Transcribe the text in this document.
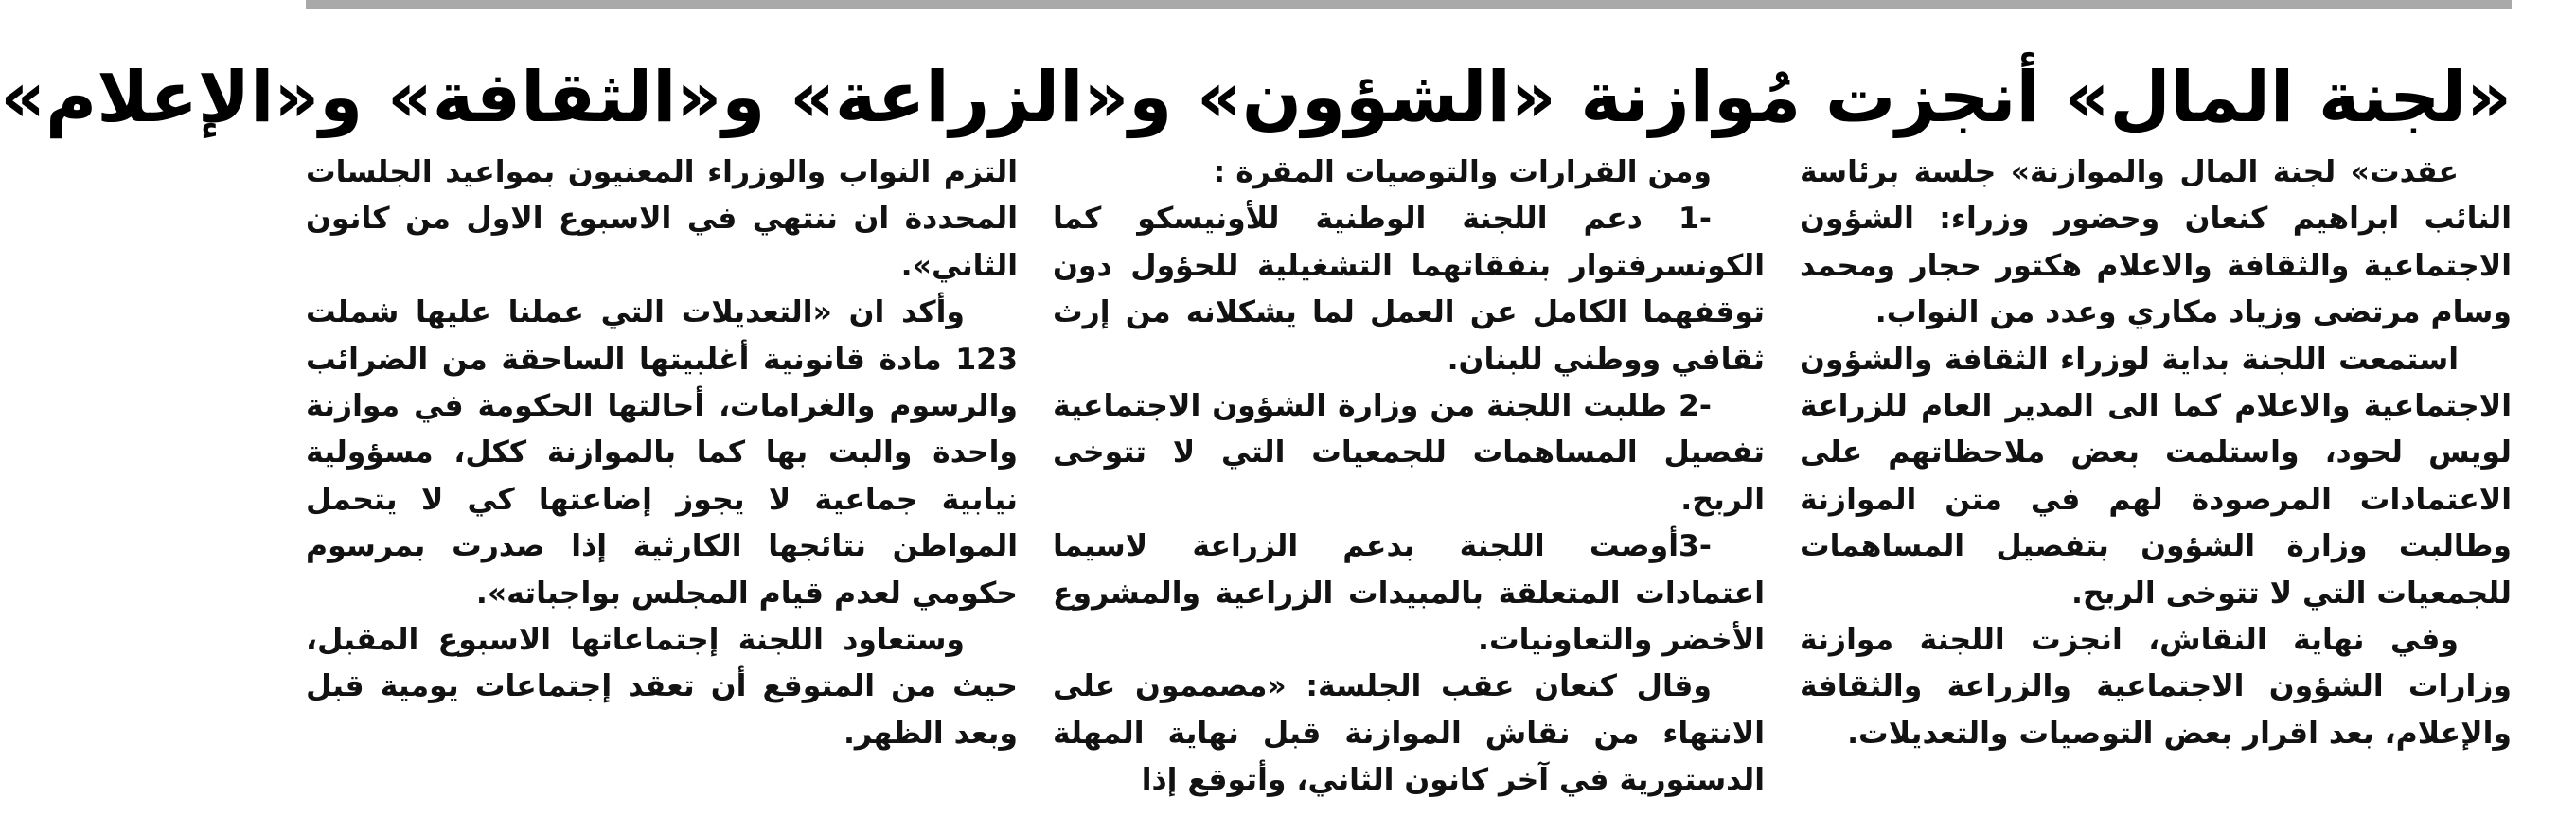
«لجنة المال» أنجزت مُوازنة «الشؤون» و«الزراعة» و«الثقافة» و«الإعلام»

عقدت» لجنة المال والموازنة» جلسة برئاسة النائب ابراهيم كنعان وحضور وزراء: الشؤون الاجتماعية والثقافة والاعلام هكتور حجار ومحمد وسام مرتضى وزياد مكاري وعدد من النواب.

استمعت اللجنة بداية لوزراء الثقافة والشؤون الاجتماعية والاعلام كما الى المدير العام للزراعة لويس لحود، واستلمت بعض ملاحظاتهم على الاعتمادات المرصودة لهم في متن الموازنة وطالبت وزارة الشؤون بتفصيل المساهمات للجمعيات التي لا تتوخى الربح.

وفي نهاية النقاش، انجزت اللجنة موازنة وزارات الشؤون الاجتماعية والزراعة والثقافة والإعلام، بعد اقرار بعض التوصيات والتعديلات.

ومن القرارات والتوصيات المقرة :

-1 دعم اللجنة الوطنية للأونيسكو كما الكونسرفتوار بنفقاتهما التشغيلية للحؤول دون توقفهما الكامل عن العمل لما يشكلانه من إرث ثقافي ووطني للبنان.

-2 طلبت اللجنة من وزارة الشؤون الاجتماعية تفصيل المساهمات للجمعيات التي لا تتوخى الربح.

-3أوصت اللجنة بدعم الزراعة لاسيما اعتمادات المتعلقة بالمبيدات الزراعية والمشروع الأخضر والتعاونيات.

وقال كنعان عقب الجلسة: «مصممون على الانتهاء من نقاش الموازنة قبل نهاية المهلة الدستورية في آخر كانون الثاني، وأتوقع إذا

التزم النواب والوزراء المعنيون بمواعيد الجلسات المحددة ان ننتهي في الاسبوع الاول من كانون الثاني».

وأكد ان «التعديلات التي عملنا عليها شملت 123 مادة قانونية أغلبيتها الساحقة من الضرائب والرسوم والغرامات، أحالتها الحكومة في موازنة واحدة والبت بها كما بالموازنة ككل، مسؤولية نيابية جماعية لا يجوز إضاعتها كي لا يتحمل المواطن نتائجها الكارثية إذا صدرت بمرسوم حكومي لعدم قيام المجلس بواجباته».

وستعاود اللجنة إجتماعاتها الاسبوع المقبل، حيث من المتوقع أن تعقد إجتماعات يومية قبل وبعد الظهر.
